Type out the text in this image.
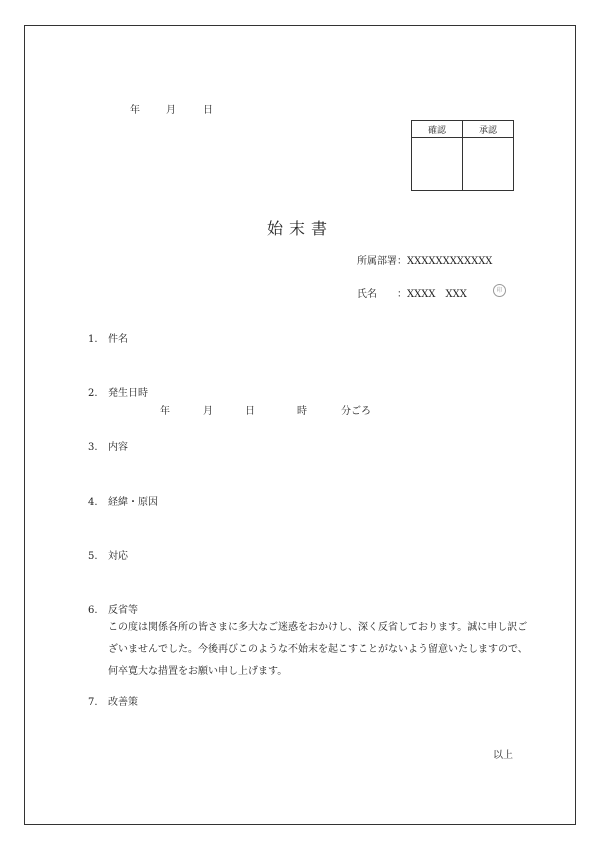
年	月	日
確認	承認

始末書
所属部署：XXXXXXXXXXXX
氏名 ：XXXX　XXX	印
1. 件名
2. 発生日時
年	月	日	時	分ごろ
3. 内容
4. 経緯・原因
5. 対応
6. 反省等
この度は関係各所の皆さまに多大なご迷惑をおかけし、深く反省しております。誠に申し訳ございませんでした。今後再びこのような不始末を起こすことがないよう留意いたしますので、何卒寛大な措置をお願い申し上げます。
7. 改善策
以上
